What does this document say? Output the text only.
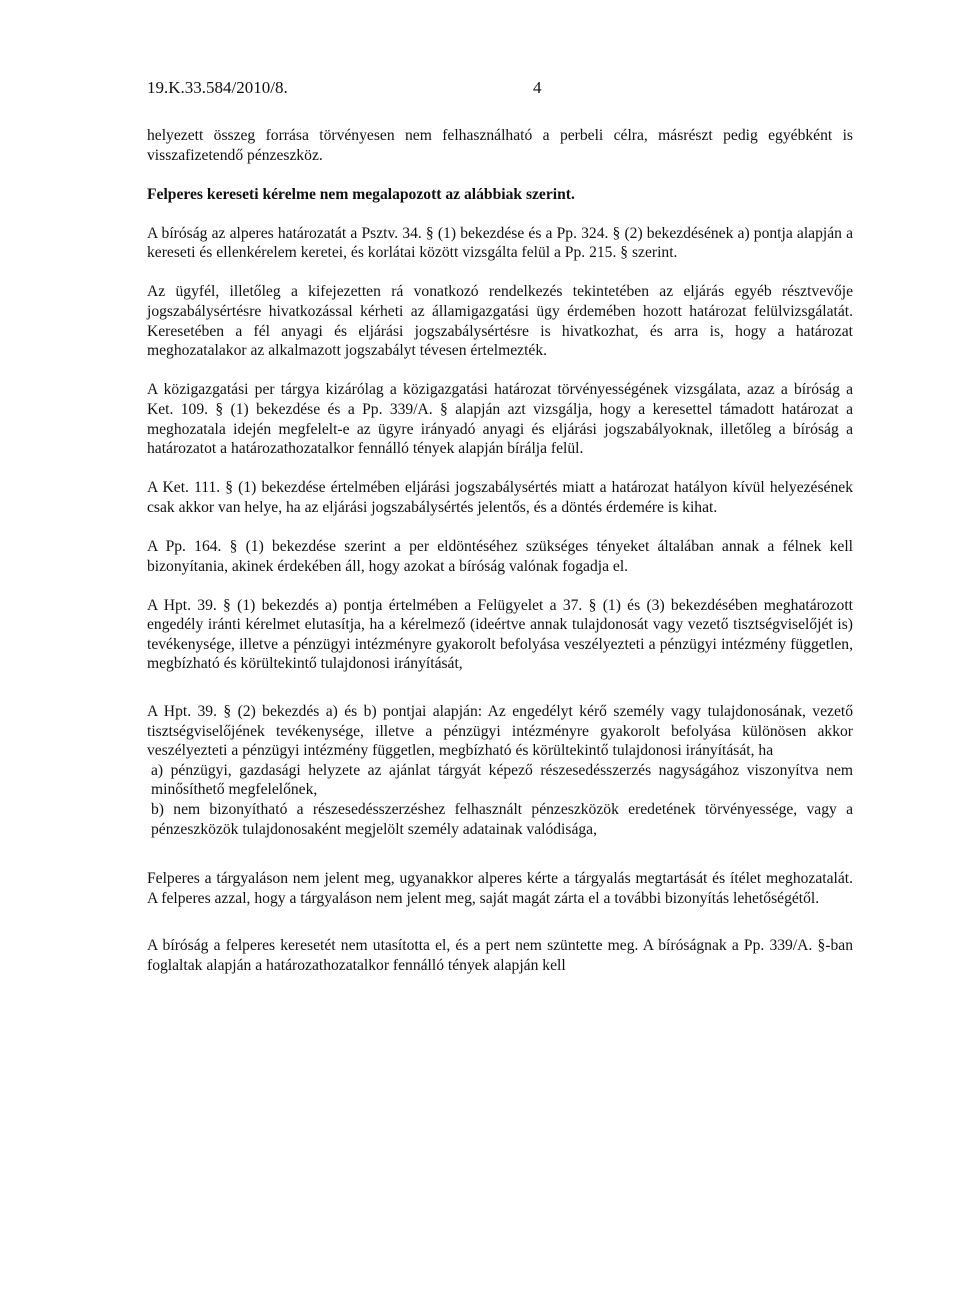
19.K.33.584/2010/8.	4

helyezett összeg forrása törvényesen nem felhasználható a perbeli célra, másrészt pedig egyébként is visszafizetendő pénzeszköz.

Felperes kereseti kérelme nem megalapozott az alábbiak szerint.

A bíróság az alperes határozatát a Psztv. 34. § (1) bekezdése és a Pp. 324. § (2) bekezdésének a) pontja alapján a kereseti és ellenkérelem keretei, és korlátai között vizsgálta felül a Pp. 215. § szerint.

Az ügyfél, illetőleg a kifejezetten rá vonatkozó rendelkezés tekintetében az eljárás egyéb résztvevője jogszabálysértésre hivatkozással kérheti az államigazgatási ügy érdemében hozott határozat felülvizsgálatát. Keresetében a fél anyagi és eljárási jogszabálysértésre is hivatkozhat, és arra is, hogy a határozat meghozatalakor az alkalmazott jogszabályt tévesen értelmezték.

A közigazgatási per tárgya kizárólag a közigazgatási határozat törvényességének vizsgálata, azaz a bíróság a Ket. 109. § (1) bekezdése és a Pp. 339/A. § alapján azt vizsgálja, hogy a keresettel támadott határozat a meghozatala idején megfelelt-e az ügyre irányadó anyagi és eljárási jogszabályoknak, illetőleg a bíróság a határozatot a határozathozatalkor fennálló tények alapján bírálja felül.

A Ket. 111. § (1) bekezdése értelmében eljárási jogszabálysértés miatt a határozat hatályon kívül helyezésének csak akkor van helye, ha az eljárási jogszabálysértés jelentős, és a döntés érdemére is kihat.

A Pp. 164. § (1) bekezdése szerint a per eldöntéséhez szükséges tényeket általában annak a félnek kell bizonyítania, akinek érdekében áll, hogy azokat a bíróság valónak fogadja el.

A Hpt. 39. § (1) bekezdés a) pontja értelmében a Felügyelet a 37. § (1) és (3) bekezdésében meghatározott engedély iránti kérelmet elutasítja, ha a kérelmező (ideértve annak tulajdonosát vagy vezető tisztségviselőjét is) tevékenysége, illetve a pénzügyi intézményre gyakorolt befolyása veszélyezteti a pénzügyi intézmény független, megbízható és körültekintő tulajdonosi irányítását,

A Hpt. 39. § (2) bekezdés a) és b) pontjai alapján: Az engedélyt kérő személy vagy tulajdonosának, vezető tisztségviselőjének tevékenysége, illetve a pénzügyi intézményre gyakorolt befolyása különösen akkor veszélyezteti a pénzügyi intézmény független, megbízható és körültekintő tulajdonosi irányítását, ha

a) pénzügyi, gazdasági helyzete az ajánlat tárgyát képező részesedésszerzés nagyságához viszonyítva nem minősíthető megfelelőnek,

b) nem bizonyítható a részesedésszerzéshez felhasznált pénzeszközök eredetének törvényessége, vagy a pénzeszközök tulajdonosaként megjelölt személy adatainak valódisága,

Felperes a tárgyaláson nem jelent meg, ugyanakkor alperes kérte a tárgyalás megtartását és ítélet meghozatalát. A felperes azzal, hogy a tárgyaláson nem jelent meg, saját magát zárta el a további bizonyítás lehetőségétől.

A bíróság a felperes keresetét nem utasította el, és a pert nem szüntette meg. A bíróságnak a Pp. 339/A. §-ban foglaltak alapján a határozathozatalkor fennálló tények alapján kell
